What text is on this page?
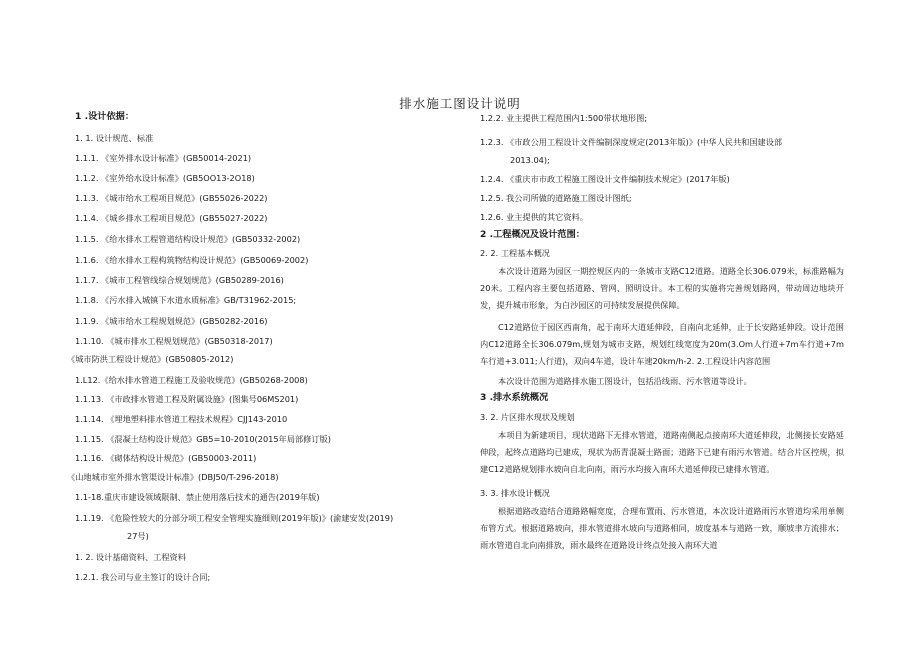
排水施工图设计说明
1 .设计依据：
1. 1. 设计规范、标准
1.1.1. 《室外排水设计标准》(GB50014-2021)
1.1.2. 《室外给水设计标准》(GB5OO13-2O18)
1.1.3. 《城市给水工程项目规范》(GB55026-2022)
1.1.4. 《城乡排水工程项目规范》(GB55027-2022)
1.1.5. 《给水排水工程管道结构设计规范》(GB50332-2002)
1.1.6. 《给水排水工程构筑物结构设计规范》(GB50069-2002)
1.1.7. 《城市工程管线综合规划规范》(GB50289-2016)
1.1.8. 《污水排入城镇下水道水质标准》GB/T31962-2015;
1.1.9. 《城市给水工程规划规范》(GB50282-2016)
1.1.10. 《城市排水工程规划规范》(GB50318-2017)
《城市防洪工程设计规范》(GB50805-2012)
1.L12.《给水排水管道工程施工及验收规范》(GB50268-2008)
1.1.13. 《市政排水管道工程及附属设施》(图集号06MS201)
1.1.14. 《埋地塑料排水管道工程技术规程》CJJ143-2010
1.1.15. 《混凝土结构设计规范》GB5=10-2010(2015年局部修订版)
1.1.16. 《砌体结构设计规范》(GB50003-2011)
《山地城市室外排水管渠设计标准》(DBJ50/T-296-2018)
1.1-18.重庆市建设领域限制、禁止使用落后技术的通告(2019年版)
1.1.19. 《危险性较大的分部分项工程安全管理实施细则(2019年版)》(渝建安发(2019)
27号)
1. 2. 设计基础资料、工程资料
1.2.1. 我公司与业主签订的设计合同;
1.2.2. 业主提供工程范围内1:500带状地形图;
1.2.3. 《市政公用工程设计文件编制深度规定(2013年版)》(中华人民共和国建设部
2013.04);
1.2.4. 《重庆市市政工程施工图设计文件编制技术规定》(2017年版)
1.2.5. 我公司所做的道路施工图设计图纸;
1.2.6. 业主提供的其它资料。
2 .工程概况及设计范围：
2. 2. 工程基本概况
本次设计道路为园区一期控规区内的一条城市支路C12道路。道路全长306.079米，标准路幅为20米。工程内容主要包括道路、管网、照明设计。本工程的实施将完善规划路网，带动周边地块开发，提升城市形象，为白沙园区的可持续发展提供保障。
C12道路位于园区西南角，起于南环大道延伸段，自南向北延伸，止于长安路延伸段。设计范围内C12道路全长306.079m,规划为城市支路，规划红线宽度为20m(3.Om人行道+7m车行道+7m车行道+3.011;人行道)，双向4车道，设计车速20km/h-2. 2.工程设计内容范围
本次设计范围为道路排水施工图设计，包括沿线雨、污水管道等设计。
3 .排水系统概况
3. 2. 片区排水现状及规划
本项目为新建项目，现状道路下无排水管道，道路南侧起点接南环大道延伸段，北侧接长安路延伸段，起终点道路均已建成，现状为沥青混凝土路面；道路下已建有雨污水管道。结合片区控规，拟建C12道路规划排水坡向自北向南，雨污水均接入南环大道延伸段已建排水管道。
3. 3. 排水设计概况
根据道路改造结合道路路幅宽度，合理布置雨、污水管道，本次设计道路雨污水管道均采用单侧布管方式。根据道路坡向，排水管道排水坡向与道路相同，坡度基本与道路一致，顺坡聿方流排水；雨水管道自北向南排放，雨水最终在道路设计终点处接入南环大道
